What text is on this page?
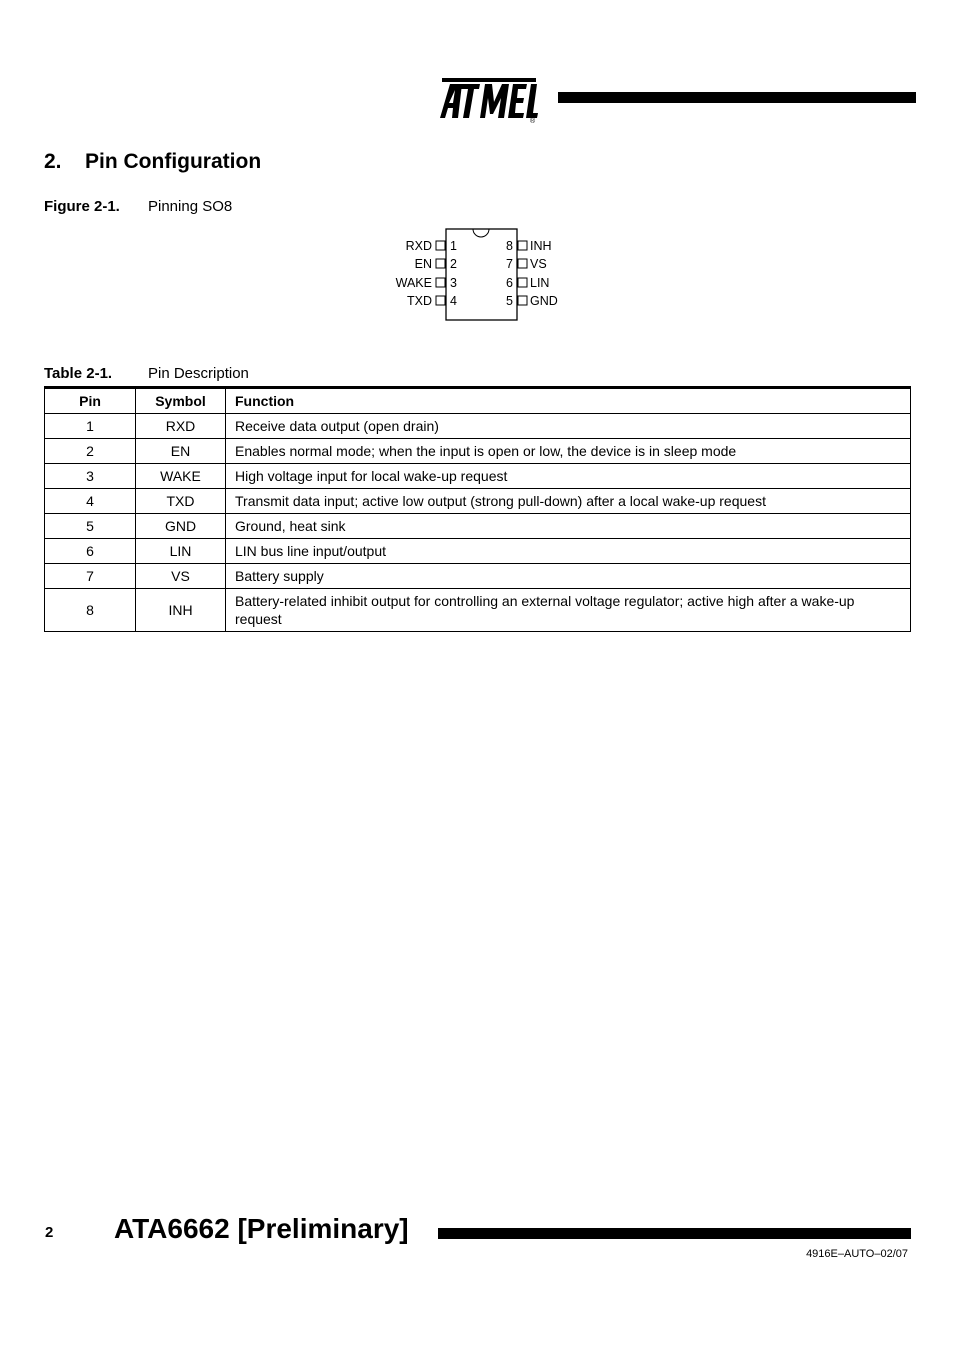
®
2. Pin Configuration
Figure 2-1. Pinning SO8
RXD 1
EN 2
WAKE 3
TXD 4
8 INH
7 VS
6 LIN
5 GND
Table 2-1. Pin Description
Pin	Symbol	Function
1	RXD	Receive data output (open drain)
2	EN	Enables normal mode; when the input is open or low, the device is in sleep mode
3	WAKE	High voltage input for local wake-up request
4	TXD	Transmit data input; active low output (strong pull-down) after a local wake-up request
5	GND	Ground, heat sink
6	LIN	LIN bus line input/output
7	VS	Battery supply
8	INH	Battery-related inhibit output for controlling an external voltage regulator; active high after a wake-up request
2 ATA6662 [Preliminary]
4916E–AUTO–02/07
